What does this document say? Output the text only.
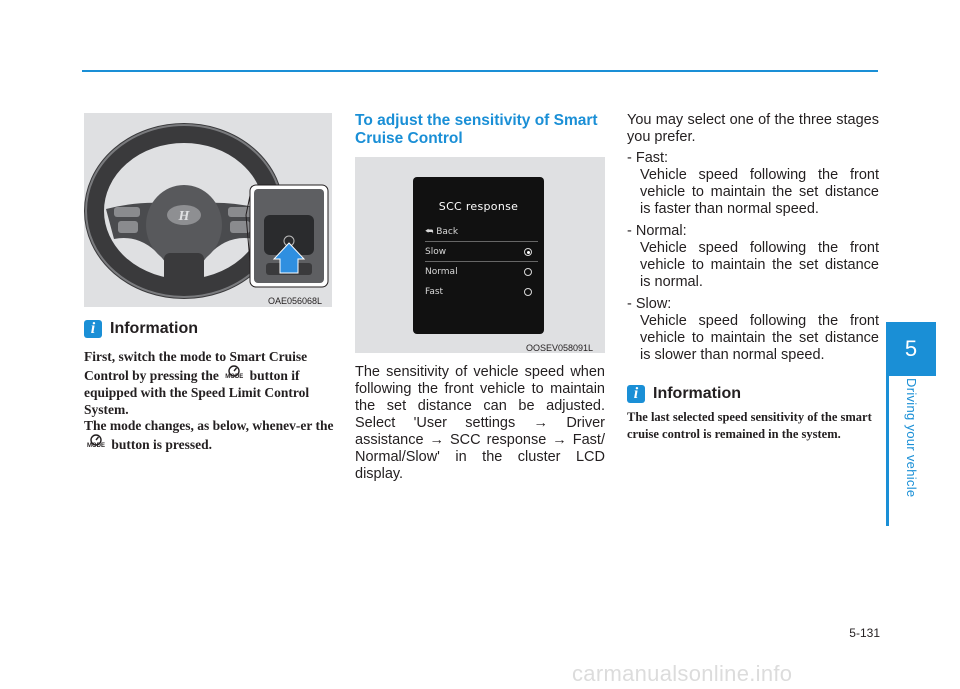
5
Driving your vehicle
H
OAE056068L
i Information
First, switch the mode to Smart Cruise Control by pressing the	MODE button if equipped with the Speed Limit Control System.
The mode changes, as below, whenev-er the
MODE button is pressed.
To adjust the sensitivity of Smart Cruise Control
SCC response
⮪ Back
Slow
Normal
Fast
OOSEV058091L
The sensitivity of vehicle speed when following the front vehicle to maintain the set distance can be adjusted. Select 'User settings → Driver assistance → SCC response → Fast/ Normal/Slow' in the cluster LCD display.
You may select one of the three stages you prefer.
- Fast:
Vehicle speed following the front vehicle to maintain the set distance is faster than normal speed.
- Normal:
Vehicle speed following the front vehicle to maintain the set distance is normal.
- Slow:
Vehicle speed following the front vehicle to maintain the set distance is slower than normal speed.
i Information
The last selected speed sensitivity of the smart cruise control is remained in the system.
5-131
carmanualsonline.info
